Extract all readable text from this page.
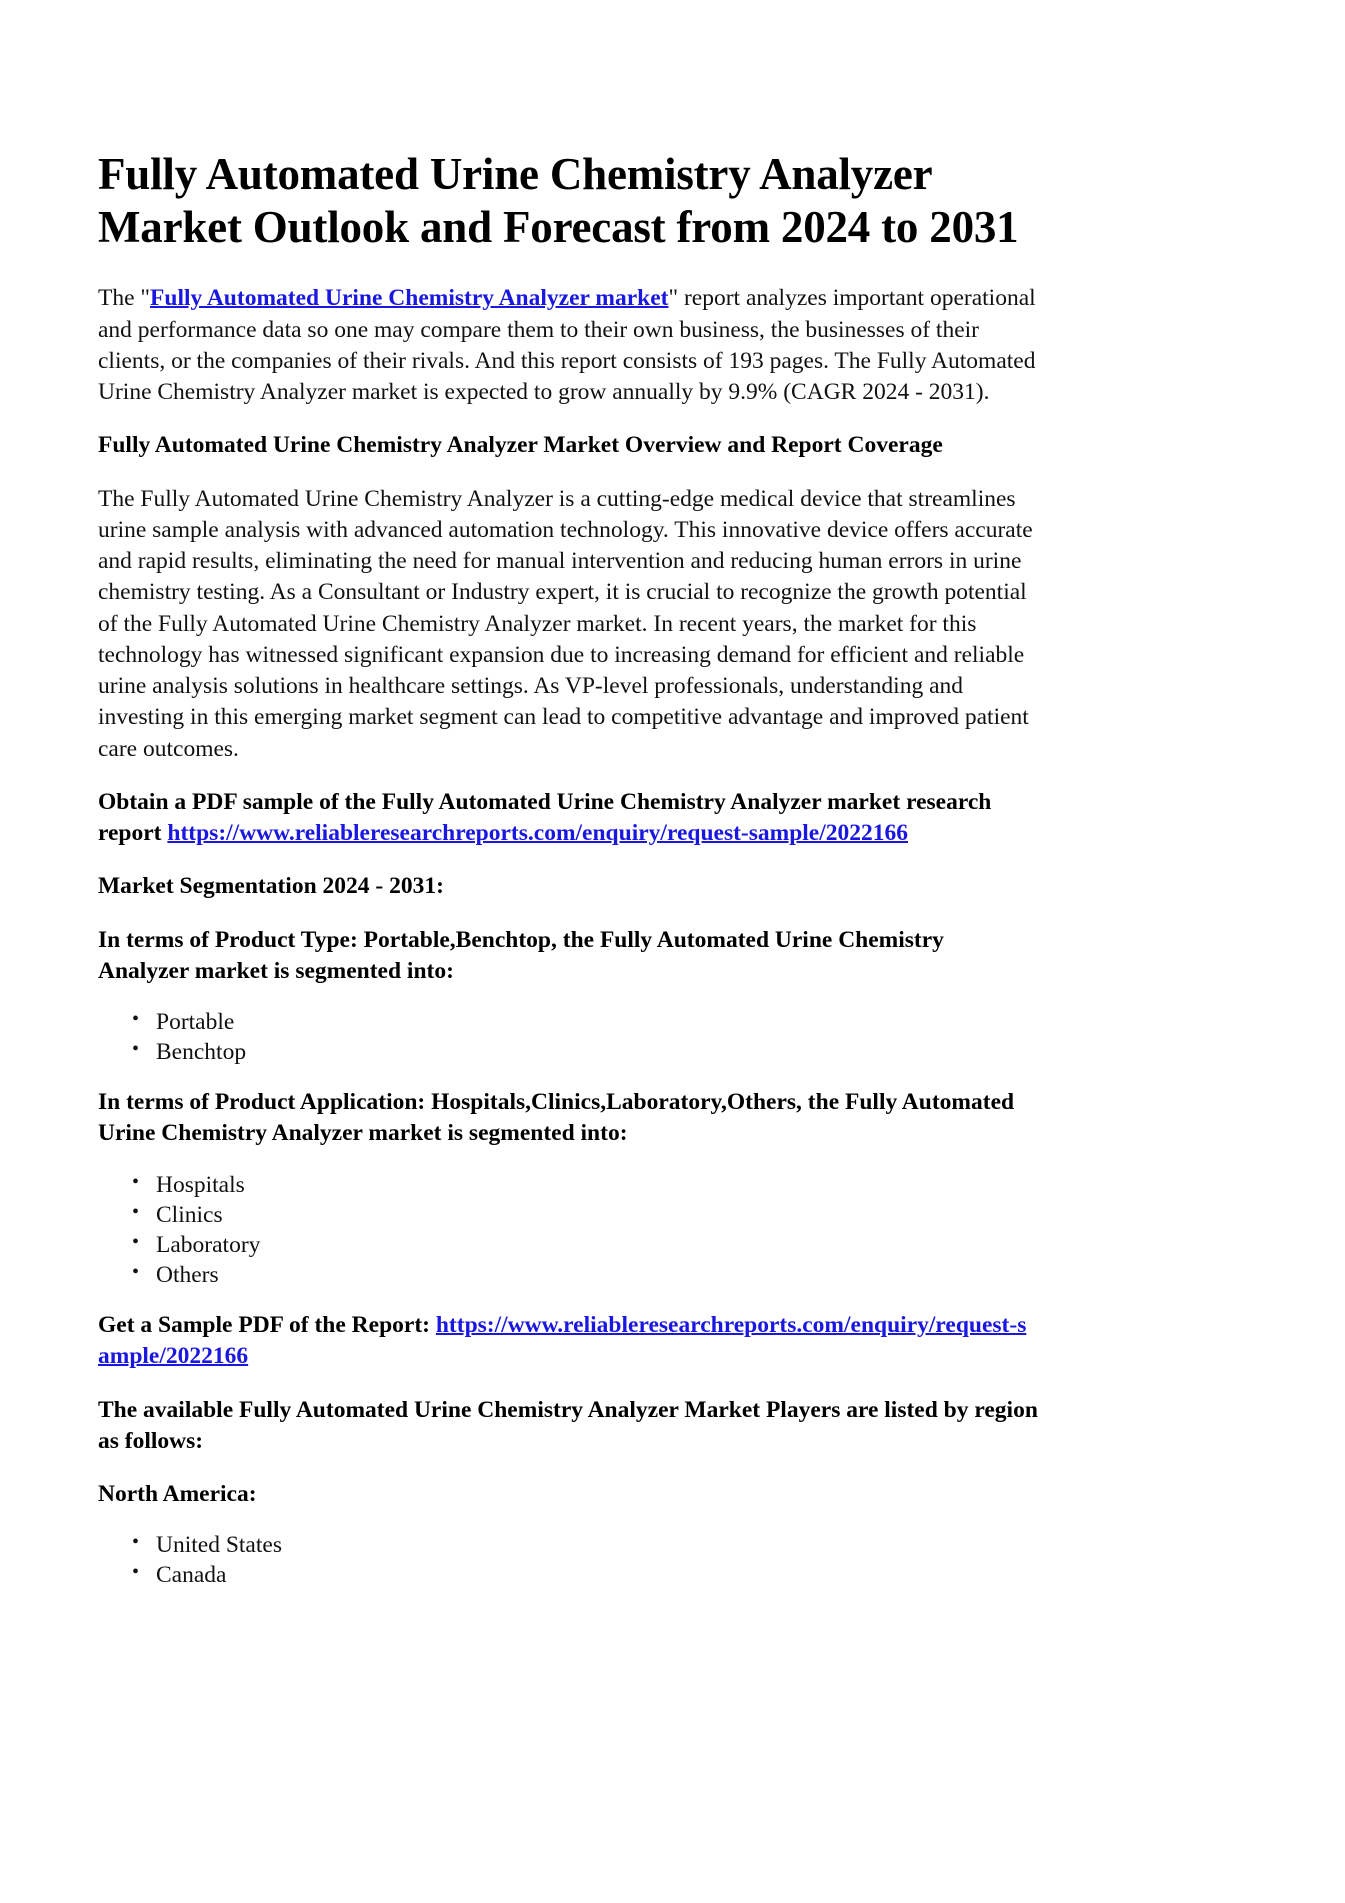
Fully Automated Urine Chemistry Analyzer Market Outlook and Forecast from 2024 to 2031

The "Fully Automated Urine Chemistry Analyzer market" report analyzes important operational and performance data so one may compare them to their own business, the businesses of their clients, or the companies of their rivals. And this report consists of 193 pages. The Fully Automated Urine Chemistry Analyzer market is expected to grow annually by 9.9% (CAGR 2024 - 2031).

Fully Automated Urine Chemistry Analyzer Market Overview and Report Coverage

The Fully Automated Urine Chemistry Analyzer is a cutting-edge medical device that streamlines urine sample analysis with advanced automation technology. This innovative device offers accurate and rapid results, eliminating the need for manual intervention and reducing human errors in urine chemistry testing. As a Consultant or Industry expert, it is crucial to recognize the growth potential of the Fully Automated Urine Chemistry Analyzer market. In recent years, the market for this technology has witnessed significant expansion due to increasing demand for efficient and reliable urine analysis solutions in healthcare settings. As VP-level professionals, understanding and investing in this emerging market segment can lead to competitive advantage and improved patient care outcomes.

Obtain a PDF sample of the Fully Automated Urine Chemistry Analyzer market research report https://www.reliableresearchreports.com/enquiry/request-sample/2022166

Market Segmentation 2024 - 2031:

In terms of Product Type: Portable,Benchtop, the Fully Automated Urine Chemistry Analyzer market is segmented into:

• Portable
• Benchtop

In terms of Product Application: Hospitals,Clinics,Laboratory,Others, the Fully Automated Urine Chemistry Analyzer market is segmented into:

• Hospitals
• Clinics
• Laboratory
• Others

Get a Sample PDF of the Report: https://www.reliableresearchreports.com/enquiry/request-sample/2022166

The available Fully Automated Urine Chemistry Analyzer Market Players are listed by region as follows:

North America:

• United States
• Canada
